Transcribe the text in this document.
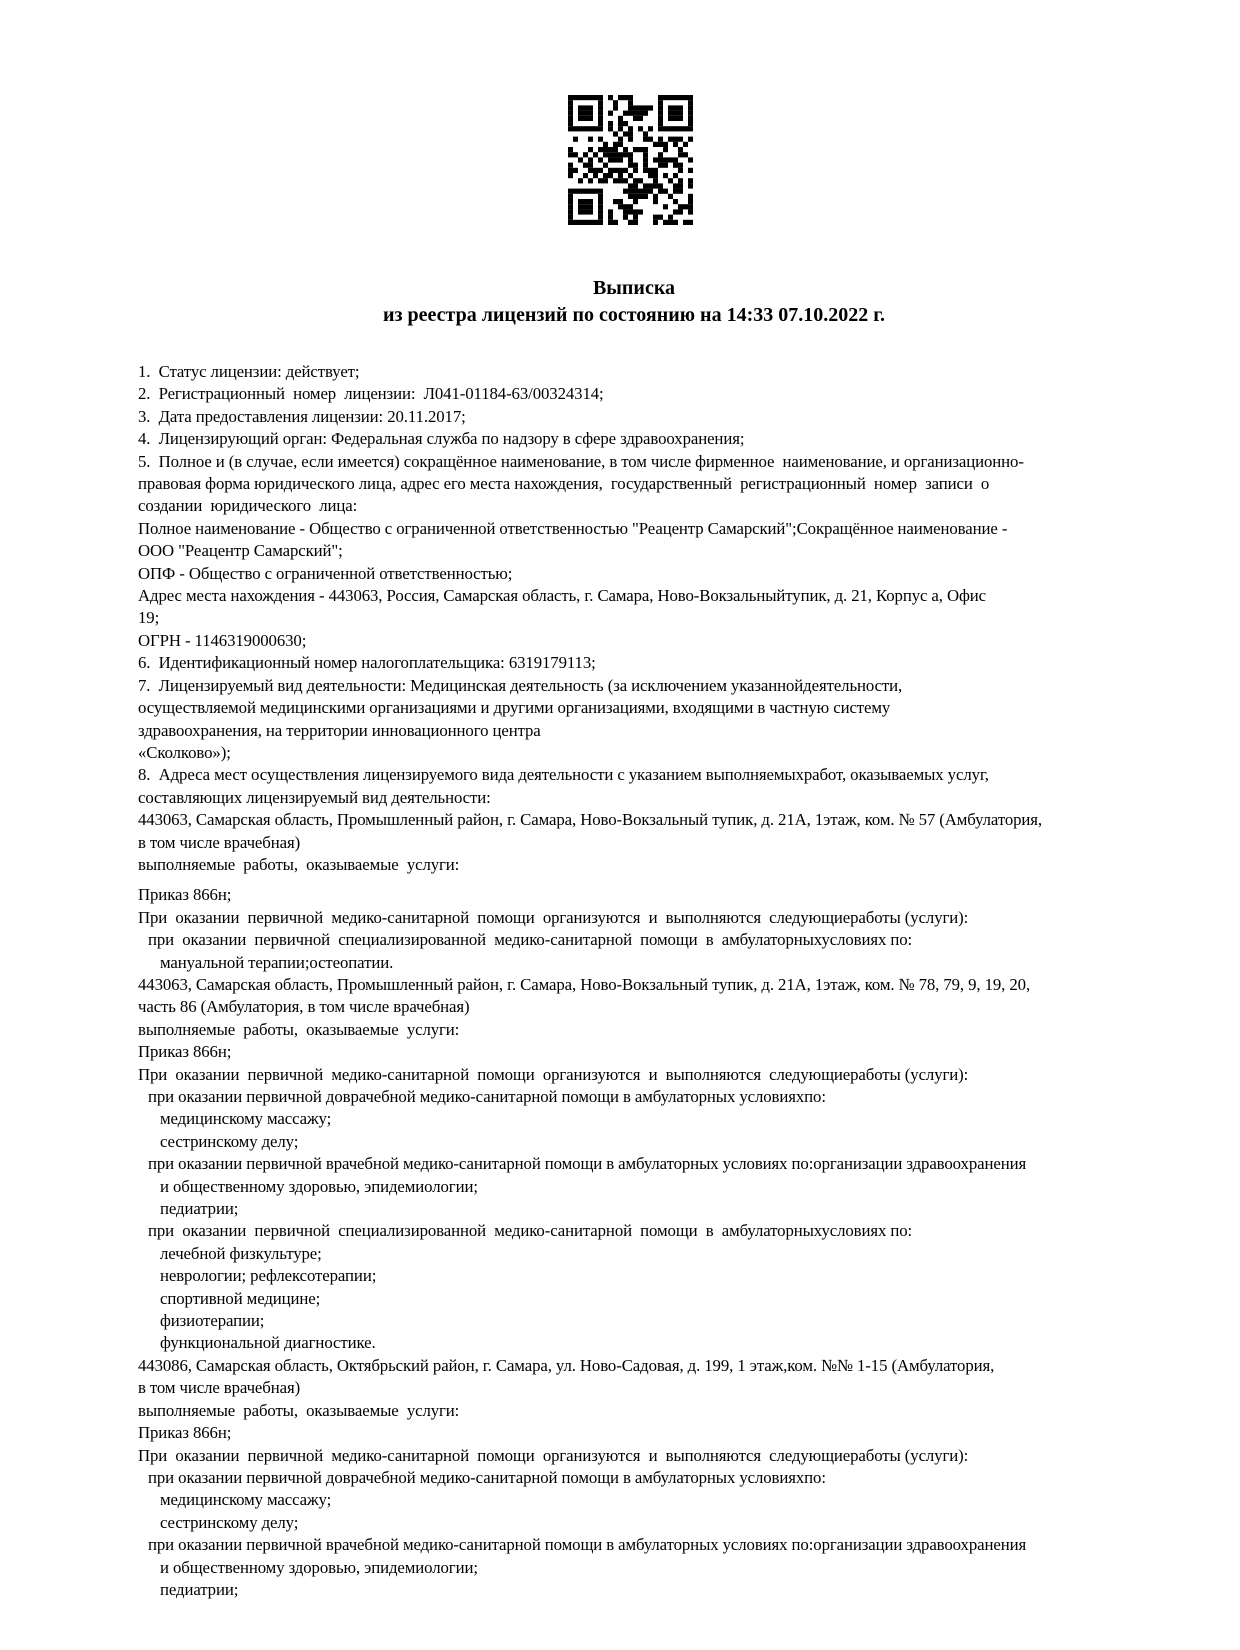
Выписка
из реестра лицензий по состоянию на 14:33 07.10.2022 г.
1.  Статус лицензии: действует;
2.  Регистрационный  номер  лицензии:  Л041-01184-63/00324314;
3.  Дата предоставления лицензии: 20.11.2017;
4.  Лицензирующий орган: Федеральная служба по надзору в сфере здравоохранения;
5.  Полное и (в случае, если имеется) сокращённое наименование, в том числе фирменное  наименование, и организационно-
правовая форма юридического лица, адрес его места нахождения,  государственный  регистрационный  номер  записи  о
создании  юридического  лица:
Полное наименование - Общество с ограниченной ответственностью "Реацентр Самарский";Сокращённое наименование -
ООО "Реацентр Самарский";
ОПФ - Общество с ограниченной ответственностью;
Адрес места нахождения - 443063, Россия, Самарская область, г. Самара, Ново-Вокзальныйтупик, д. 21, Корпус а, Офис
19;
ОГРН - 1146319000630;
6.  Идентификационный номер налогоплательщика: 6319179113;
7.  Лицензируемый вид деятельности: Медицинская деятельность (за исключением указаннойдеятельности,
осуществляемой медицинскими организациями и другими организациями, входящими в частную систему
здравоохранения, на территории инновационного центра
«Сколково»);
8.  Адреса мест осуществления лицензируемого вида деятельности с указанием выполняемыхработ, оказываемых услуг,
составляющих лицензируемый вид деятельности:
443063, Самарская область, Промышленный район, г. Самара, Ново-Вокзальный тупик, д. 21А, 1этаж, ком. № 57 (Амбулатория,
в том числе врачебная)
выполняемые  работы,  оказываемые  услуги:
Приказ 866н;
При  оказании  первичной  медико-санитарной  помощи  организуются  и  выполняются  следующиеработы (услуги):
при  оказании  первичной  специализированной  медико-санитарной  помощи  в  амбулаторныхусловиях по:
мануальной терапии;остеопатии.
443063, Самарская область, Промышленный район, г. Самара, Ново-Вокзальный тупик, д. 21А, 1этаж, ком. № 78, 79, 9, 19, 20,
часть 86 (Амбулатория, в том числе врачебная)
выполняемые  работы,  оказываемые  услуги:
Приказ 866н;
При  оказании  первичной  медико-санитарной  помощи  организуются  и  выполняются  следующиеработы (услуги):
при оказании первичной доврачебной медико-санитарной помощи в амбулаторных условияхпо:
медицинскому массажу;
сестринскому делу;
при оказании первичной врачебной медико-санитарной помощи в амбулаторных условиях по:организации здравоохранения
и общественному здоровью, эпидемиологии;
педиатрии;
при  оказании  первичной  специализированной  медико-санитарной  помощи  в  амбулаторныхусловиях по:
лечебной физкультуре;
неврологии; рефлексотерапии;
спортивной медицине;
физиотерапии;
функциональной диагностике.
443086, Самарская область, Октябрьский район, г. Самара, ул. Ново-Садовая, д. 199, 1 этаж,ком. №№ 1-15 (Амбулатория,
в том числе врачебная)
выполняемые  работы,  оказываемые  услуги:
Приказ 866н;
При  оказании  первичной  медико-санитарной  помощи  организуются  и  выполняются  следующиеработы (услуги):
при оказании первичной доврачебной медико-санитарной помощи в амбулаторных условияхпо:
медицинскому массажу;
сестринскому делу;
при оказании первичной врачебной медико-санитарной помощи в амбулаторных условиях по:организации здравоохранения
и общественному здоровью, эпидемиологии;
педиатрии;
